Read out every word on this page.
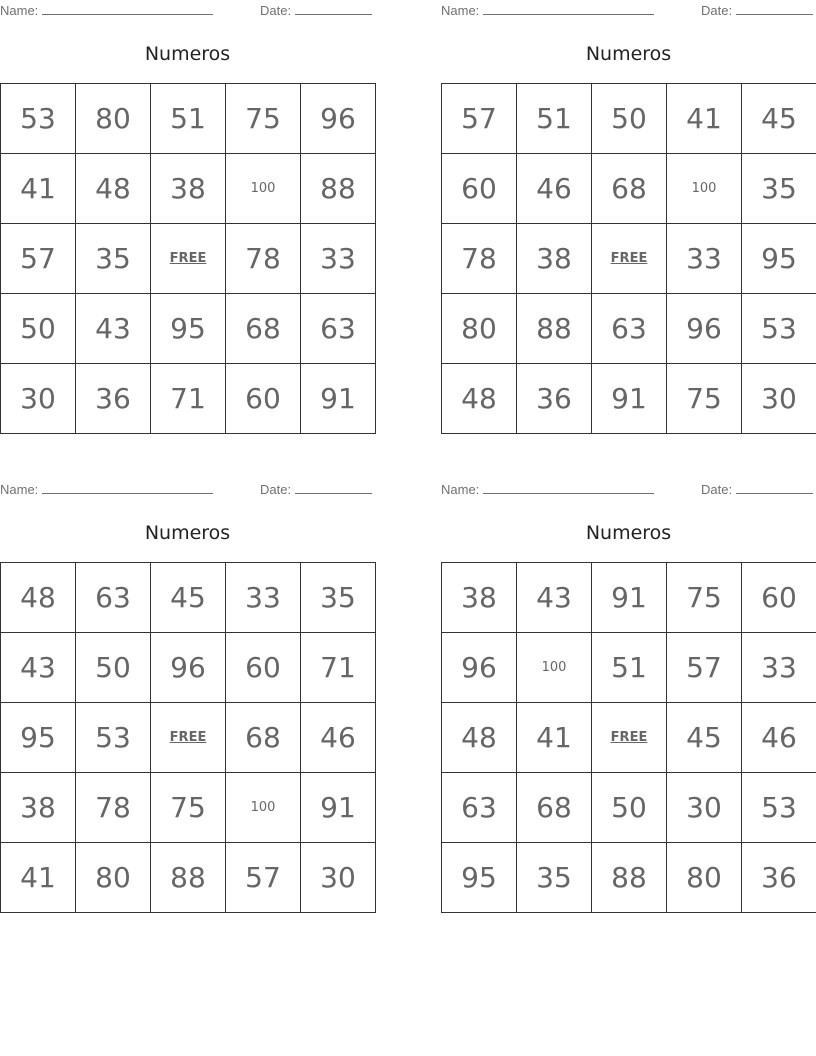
Name:	Date:
Numeros
53	80	51	75	96
41	48	38	100	88
57	35	FREE	78	33
50	43	95	68	63
30	36	71	60	91
Name:	Date:
Numeros
57	51	50	41	45
60	46	68	100	35
78	38	FREE	33	95
80	88	63	96	53
48	36	91	75	30
Name:	Date:
Numeros
48	63	45	33	35
43	50	96	60	71
95	53	FREE	68	46
38	78	75	100	91
41	80	88	57	30
Name:	Date:
Numeros
38	43	91	75	60
96	100	51	57	33
48	41	FREE	45	46
63	68	50	30	53
95	35	88	80	36
